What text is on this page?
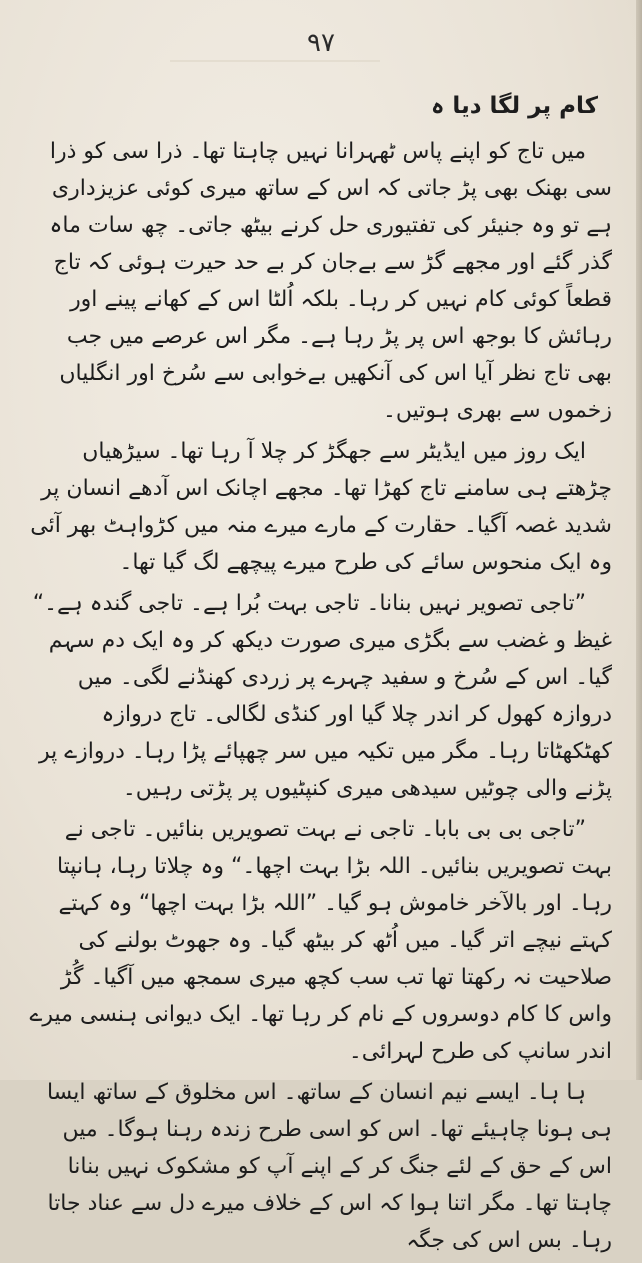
۹۷
کام پر لگا دیا ہ

میں تاج کو اپنے پاس ٹھہرانا نہیں چاہتا تھا۔ ذرا سی کو ذرا سی بھنک بھی پڑ جاتی کہ اس کے ساتھ میری کوئی عزیزداری ہے تو وہ جنیئر کی تفتیوری حل کرنے بیٹھ جاتی۔ چھ سات ماہ گذر گئے اور مجھے گڑ سے بےجان کر بے حد حیرت ہوئی کہ تاج قطعاً کوئی کام نہیں کر رہا۔ بلکہ اُلٹا اس کے کھانے پینے اور رہائش کا بوجھ اس پر پڑ رہا ہے۔ مگر اس عرصے میں جب بھی تاج نظر آیا اس کی آنکھیں بےخوابی سے سُرخ اور انگلیاں زخموں سے بھری ہوتیں۔

ایک روز میں ایڈیٹر سے جھگڑ کر چلا آ رہا تھا۔ سیڑھیاں چڑھتے ہی سامنے تاج کھڑا تھا۔ مجھے اچانک اس آدھے انسان پر شدید غصہ آگیا۔ حقارت کے مارے میرے منہ میں کڑواہٹ بھر آئی وہ ایک منحوس سائے کی طرح میرے پیچھے لگ گیا تھا۔

”تاجی تصویر نہیں بنانا۔ تاجی بہت بُرا ہے۔ تاجی گندہ ہے۔“ غیظ و غضب سے بگڑی میری صورت دیکھ کر وہ ایک دم سہم گیا۔ اس کے سُرخ و سفید چہرے پر زردی کھنڈنے لگی۔ میں دروازہ کھول کر اندر چلا گیا اور کنڈی لگالی۔ تاج دروازہ کھٹکھٹاتا رہا۔ مگر میں تکیہ میں سر چھپائے پڑا رہا۔ دروازے پر پڑنے والی چوٹیں سیدھی میری کنپٹیوں پر پڑتی رہیں۔

”تاجی بی بی بابا۔ تاجی نے بہت تصویریں بنائیں۔ تاجی نے بہت تصویریں بنائیں۔ اللہ بڑا بہت اچھا۔“ وہ چلاتا رہا، ہانپتا رہا۔ اور بالآخر خاموش ہو گیا۔ ”اللہ بڑا بہت اچھا“ وہ کہتے کہتے نیچے اتر گیا۔ میں اُٹھ کر بیٹھ گیا۔ وہ جھوٹ بولنے کی صلاحیت نہ رکھتا تھا تب سب کچھ میری سمجھ میں آگیا۔ گُڑ واس کا کام دوسروں کے نام کر رہا تھا۔ ایک دیوانی ہنسی میرے اندر سانپ کی طرح لہرائی۔

ہا ہا۔ ایسے نیم انسان کے ساتھ۔ اس مخلوق کے ساتھ ایسا ہی ہونا چاہیئے تھا۔ اس کو اسی طرح زندہ رہنا ہوگا۔ میں اس کے حق کے لئے جنگ کر کے اپنے آپ کو مشکوک نہیں بنانا چاہتا تھا۔ مگر اتنا ہوا کہ اس کے خلاف میرے دل سے عناد جاتا رہا۔ بس اس کی جگہ
